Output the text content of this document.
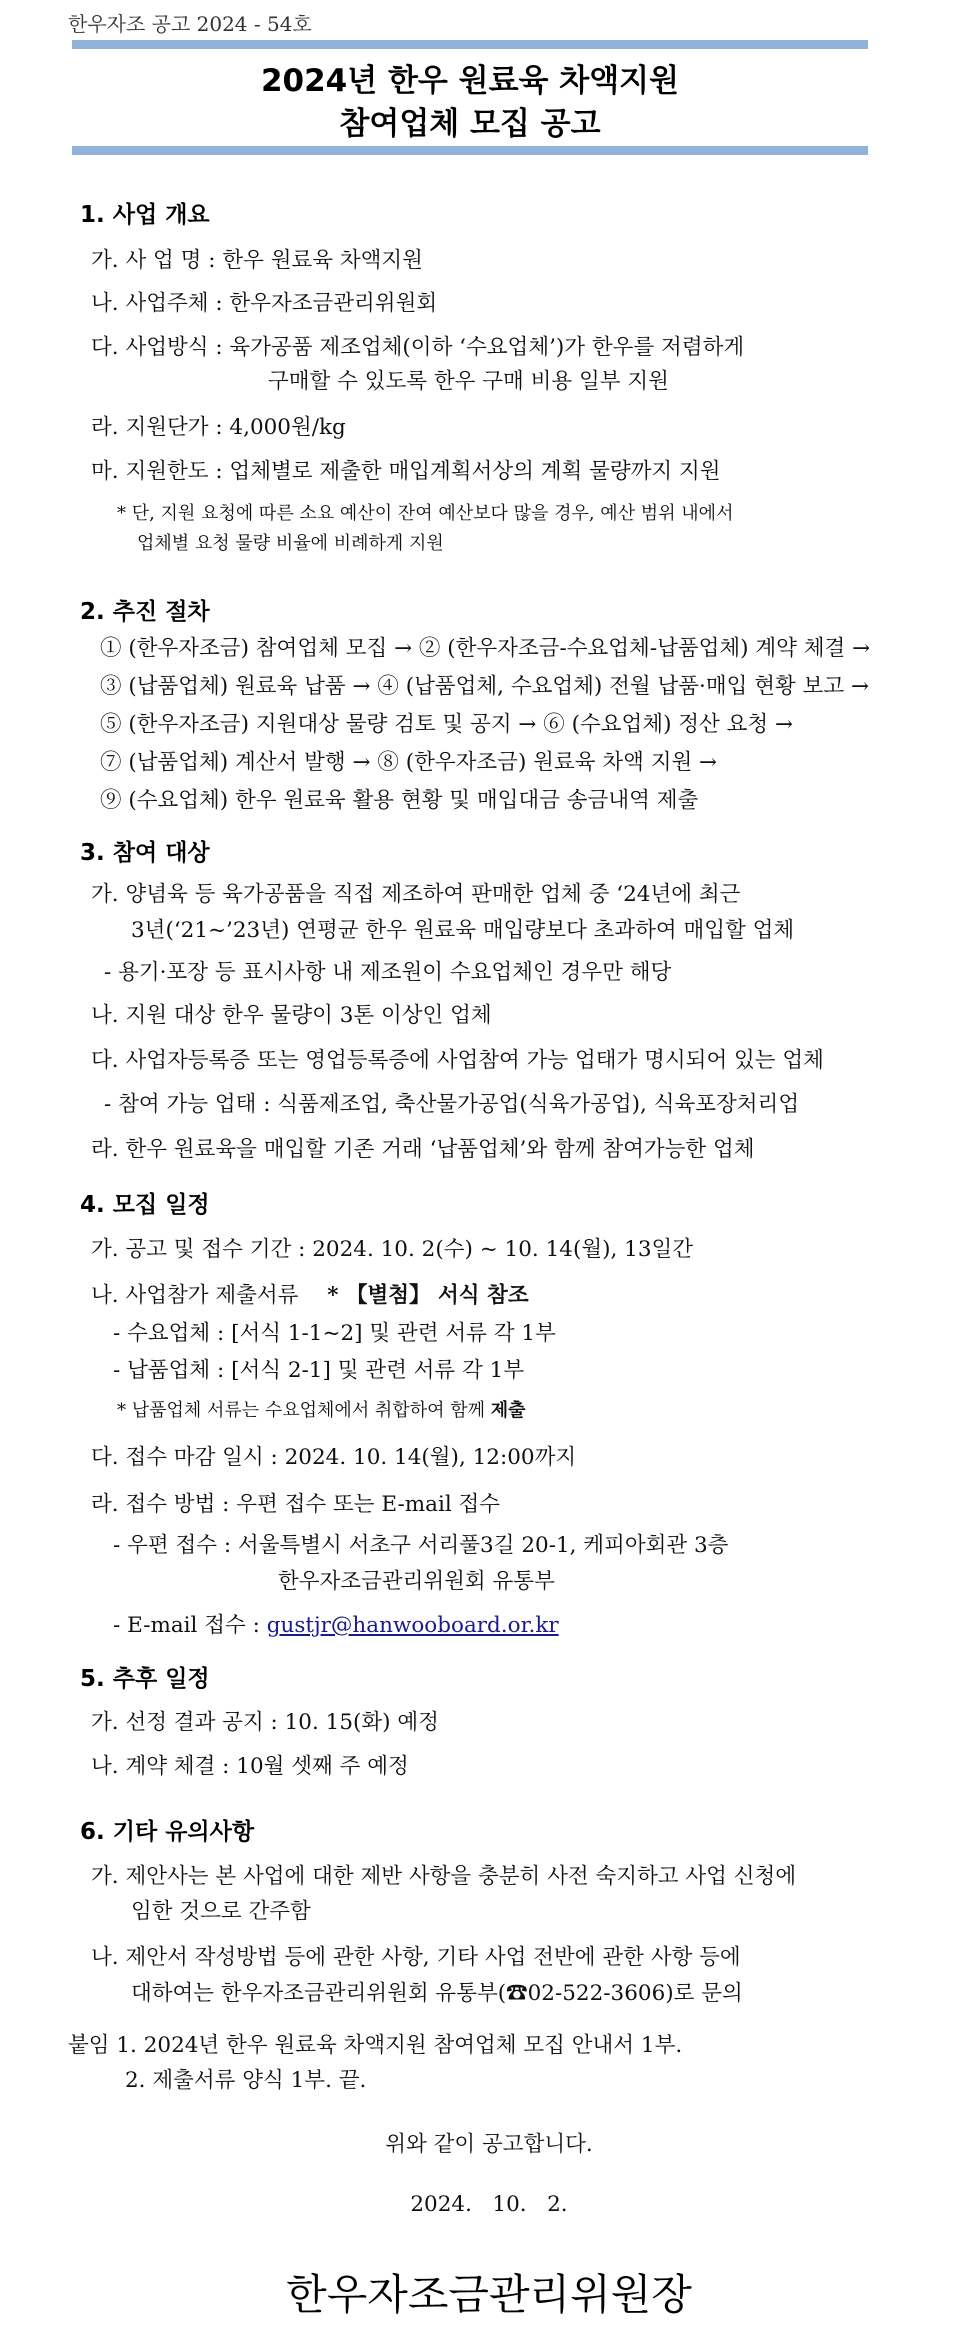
한우자조 공고 2024 - 54호
2024년 한우 원료육 차액지원
참여업체 모집 공고
1. 사업 개요
가. 사 업 명 : 한우 원료육 차액지원
나. 사업주체 : 한우자조금관리위원회
다. 사업방식 : 육가공품 제조업체(이하 ‘수요업체’)가 한우를 저렴하게
구매할 수 있도록 한우 구매 비용 일부 지원
라. 지원단가 : 4,000원/kg
마. 지원한도 : 업체별로 제출한 매입계획서상의 계획 물량까지 지원
* 단, 지원 요청에 따른 소요 예산이 잔여 예산보다 많을 경우, 예산 범위 내에서
업체별 요청 물량 비율에 비례하게 지원
2. 추진 절차
① (한우자조금) 참여업체 모집 → ② (한우자조금-수요업체-납품업체) 계약 체결 →
③ (납품업체) 원료육 납품 → ④ (납품업체, 수요업체) 전월 납품·매입 현황 보고 →
⑤ (한우자조금) 지원대상 물량 검토 및 공지 → ⑥ (수요업체) 정산 요청 →
⑦ (납품업체) 계산서 발행 → ⑧ (한우자조금) 원료육 차액 지원 →
⑨ (수요업체) 한우 원료육 활용 현황 및 매입대금 송금내역 제출
3. 참여 대상
가. 양념육 등 육가공품을 직접 제조하여 판매한 업체 중 ‘24년에 최근
3년(‘21~’23년) 연평균 한우 원료육 매입량보다 초과하여 매입할 업체
- 용기·포장 등 표시사항 내 제조원이 수요업체인 경우만 해당
나. 지원 대상 한우 물량이 3톤 이상인 업체
다. 사업자등록증 또는 영업등록증에 사업참여 가능 업태가 명시되어 있는 업체
- 참여 가능 업태 : 식품제조업, 축산물가공업(식육가공업), 식육포장처리업
라. 한우 원료육을 매입할 기존 거래 ‘납품업체’와 함께 참여가능한 업체
4. 모집 일정
가. 공고 및 접수 기간 : 2024. 10. 2(수) ~ 10. 14(월), 13일간
나. 사업참가 제출서류 * 【별첨】 서식 참조
- 수요업체 : [서식 1-1~2] 및 관련 서류 각 1부
- 납품업체 : [서식 2-1] 및 관련 서류 각 1부
* 납품업체 서류는 수요업체에서 취합하여 함께 제출
다. 접수 마감 일시 : 2024. 10. 14(월), 12:00까지
라. 접수 방법 : 우편 접수 또는 E-mail 접수
- 우편 접수 : 서울특별시 서초구 서리풀3길 20-1, 케피아회관 3층
한우자조금관리위원회 유통부
- E-mail 접수 : gustjr@hanwooboard.or.kr
5. 추후 일정
가. 선정 결과 공지 : 10. 15(화) 예정
나. 계약 체결 : 10월 셋째 주 예정
6. 기타 유의사항
가. 제안사는 본 사업에 대한 제반 사항을 충분히 사전 숙지하고 사업 신청에
임한 것으로 간주함
나. 제안서 작성방법 등에 관한 사항, 기타 사업 전반에 관한 사항 등에
대하여는 한우자조금관리위원회 유통부(☎02-522-3606)로 문의
붙임 1. 2024년 한우 원료육 차액지원 참여업체 모집 안내서 1부.
2. 제출서류 양식 1부. 끝.
위와 같이 공고합니다.
2024.   10.   2.
한우자조금관리위원장
